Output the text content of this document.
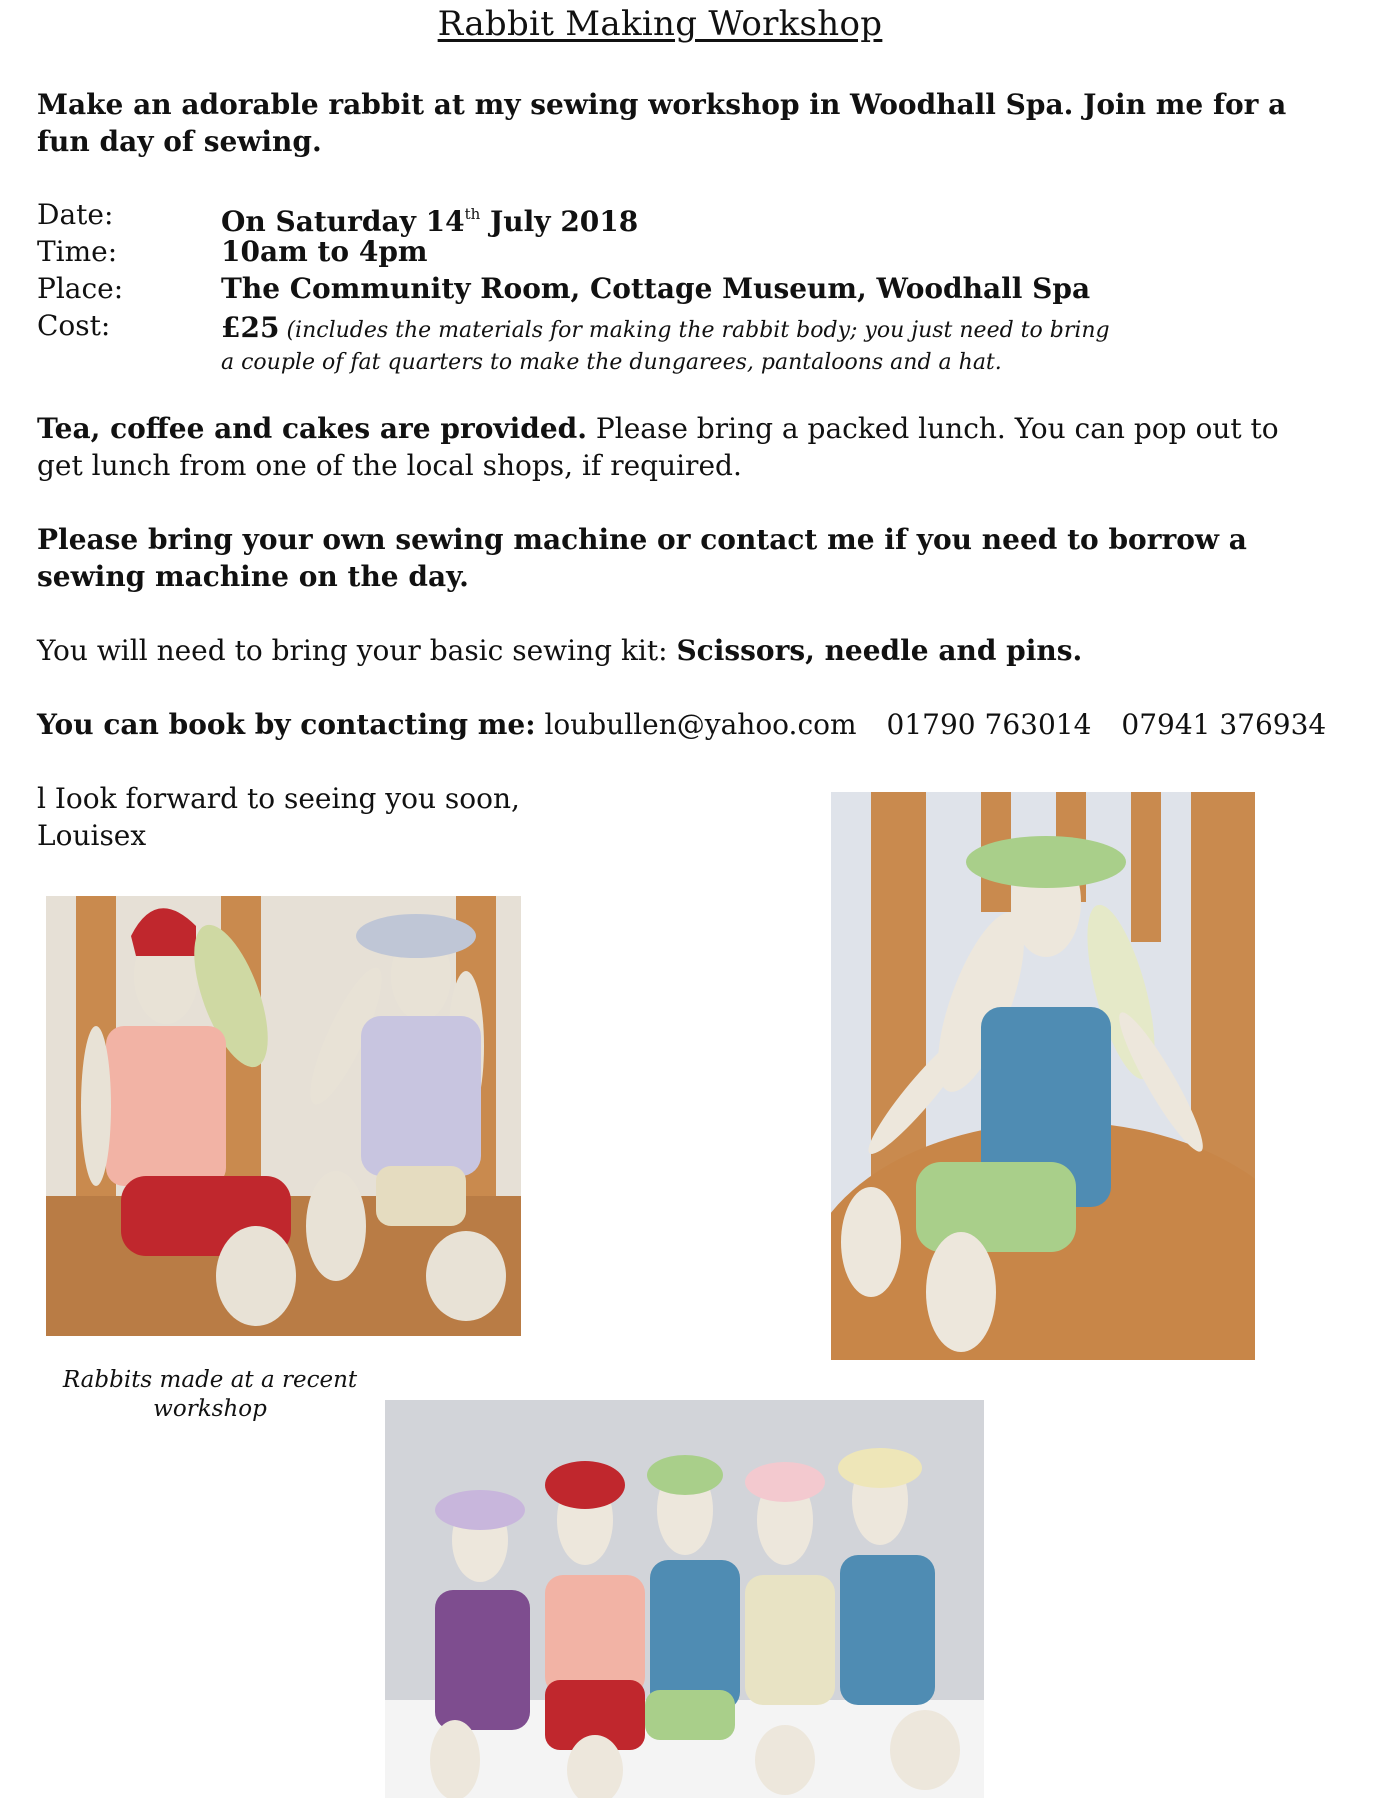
Rabbit Making Workshop
Make an adorable rabbit at my sewing workshop in Woodhall Spa. Join me for a fun day of sewing.
Date:	On Saturday 14th July 2018
Time:	10am to 4pm
Place:	The Community Room, Cottage Museum, Woodhall Spa
Cost:	£25 (includes the materials for making the rabbit body; you just need to bring a couple of fat quarters to make the dungarees, pantaloons and a hat.
Tea, coffee and cakes are provided. Please bring a packed lunch. You can pop out to get lunch from one of the local shops, if required.
Please bring your own sewing machine or contact me if you need to borrow a sewing machine on the day.
You will need to bring your basic sewing kit: Scissors, needle and pins.
You can book by contacting me: loubullen@yahoo.com 01790 763014 07941 376934
l Iook forward to seeing you soon,
Louisex
Rabbits made at a recent workshop
